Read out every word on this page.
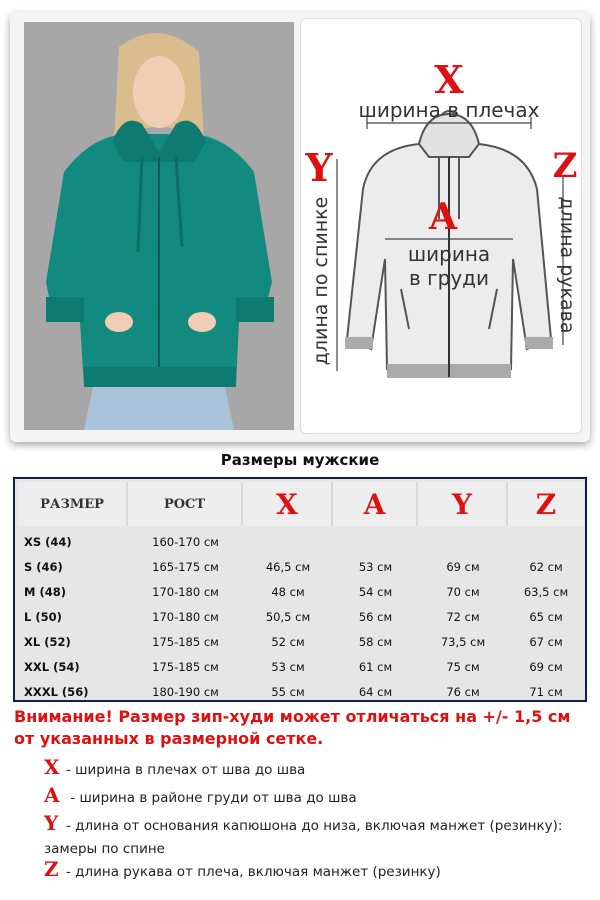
X
ширина в плечах
Y	Z
A
ширина
в груди
длина по спинке	длина рукава
Размеры мужские
РАЗМЕР	РОСТ	X	A	Y	Z
XS (44)	160-170 см
S (46)	165-175 см	46,5 см	53 см	69 см	62 см
M (48)	170-180 см	48 см	54 см	70 см	63,5 см
L (50)	170-180 см	50,5 см	56 см	72 см	65 см
XL (52)	175-185 см	52 см	58 см	73,5 см	67 см
XXL (54)	175-185 см	53 см	61 см	75 см	69 см
XXXL (56)	180-190 см	55 см	64 см	76 см	71 см
Внимание! Размер зип-худи может отличаться на +/- 1,5 см от указанных в размерной сетке.
X - ширина в плечах от шва до шва
A - ширина в районе груди от шва до шва
Y - длина от основания капюшона до низа, включая манжет (резинку): замеры по спине
Z - длина рукава от плеча, включая манжет (резинку)
